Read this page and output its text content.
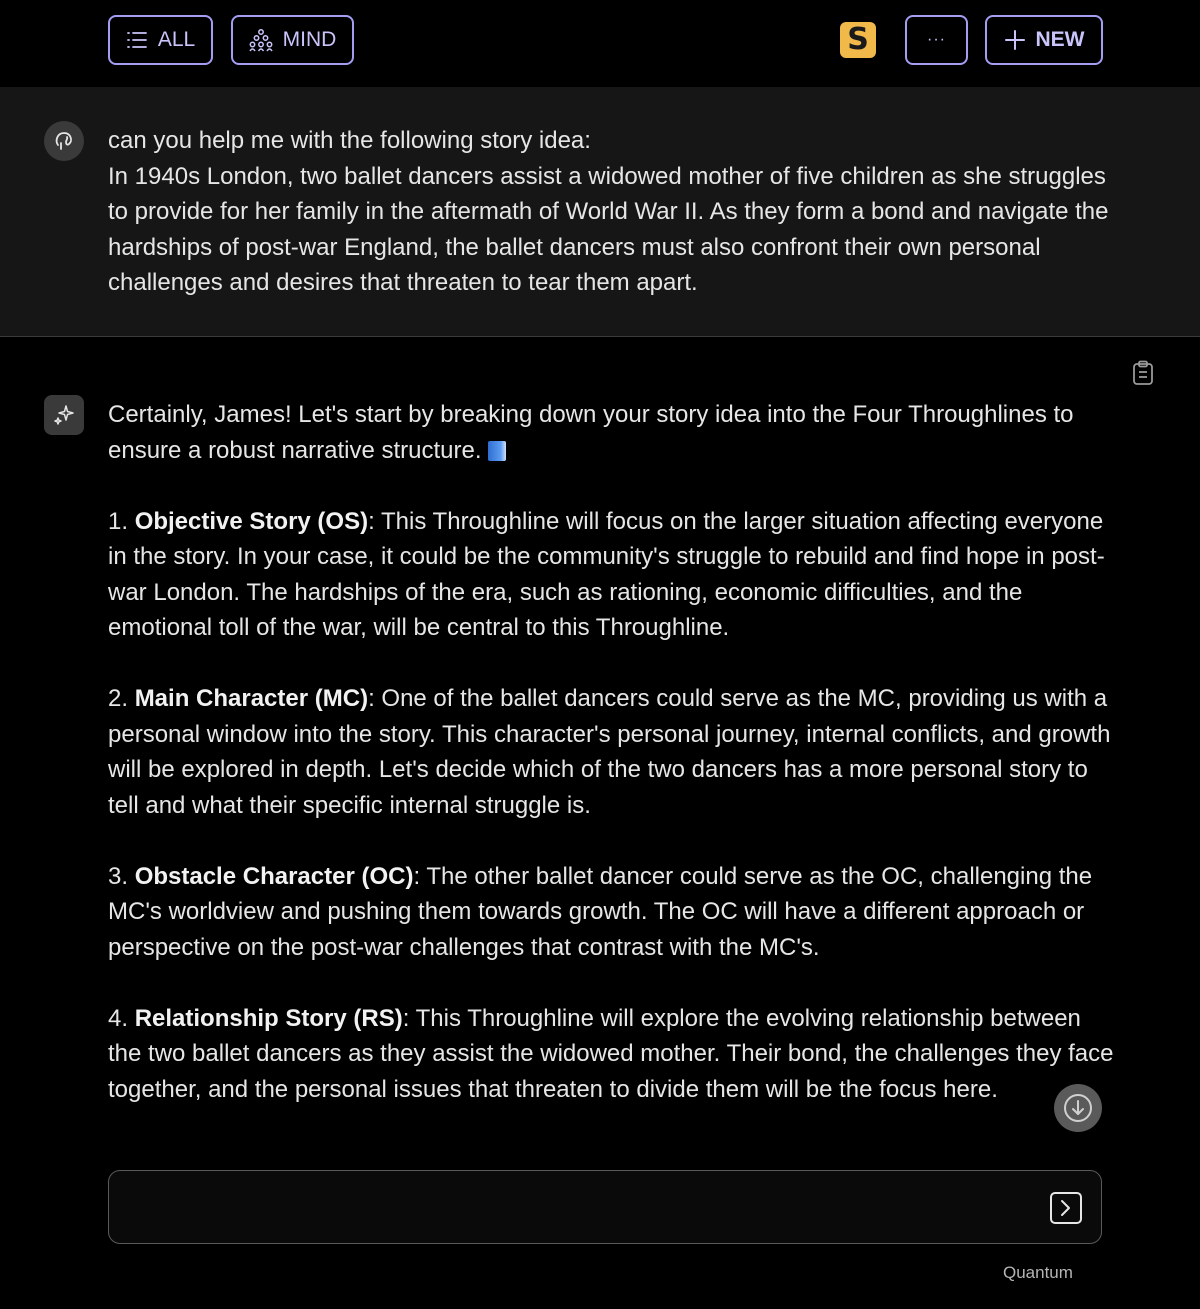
ALL	MIND	S	···	NEW
can you help me with the following story idea:
In 1940s London, two ballet dancers assist a widowed mother of five children as she struggles to provide for her family in the aftermath of World War II. As they form a bond and navigate the hardships of post-war England, the ballet dancers must also confront their own personal challenges and desires that threaten to tear them apart.

Certainly, James! Let's start by breaking down your story idea into the Four Throughlines to ensure a robust narrative structure.

1. Objective Story (OS): This Throughline will focus on the larger situation affecting everyone in the story. In your case, it could be the community's struggle to rebuild and find hope in post-war London. The hardships of the era, such as rationing, economic difficulties, and the emotional toll of the war, will be central to this Throughline.

2. Main Character (MC): One of the ballet dancers could serve as the MC, providing us with a personal window into the story. This character's personal journey, internal conflicts, and growth will be explored in depth. Let's decide which of the two dancers has a more personal story to tell and what their specific internal struggle is.

3. Obstacle Character (OC): The other ballet dancer could serve as the OC, challenging the MC's worldview and pushing them towards growth. The OC will have a different approach or perspective on the post-war challenges that contrast with the MC's.

4. Relationship Story (RS): This Throughline will explore the evolving relationship between the two ballet dancers as they assist the widowed mother. Their bond, the challenges they face together, and the personal issues that threaten to divide them will be the focus here.

Quantum
